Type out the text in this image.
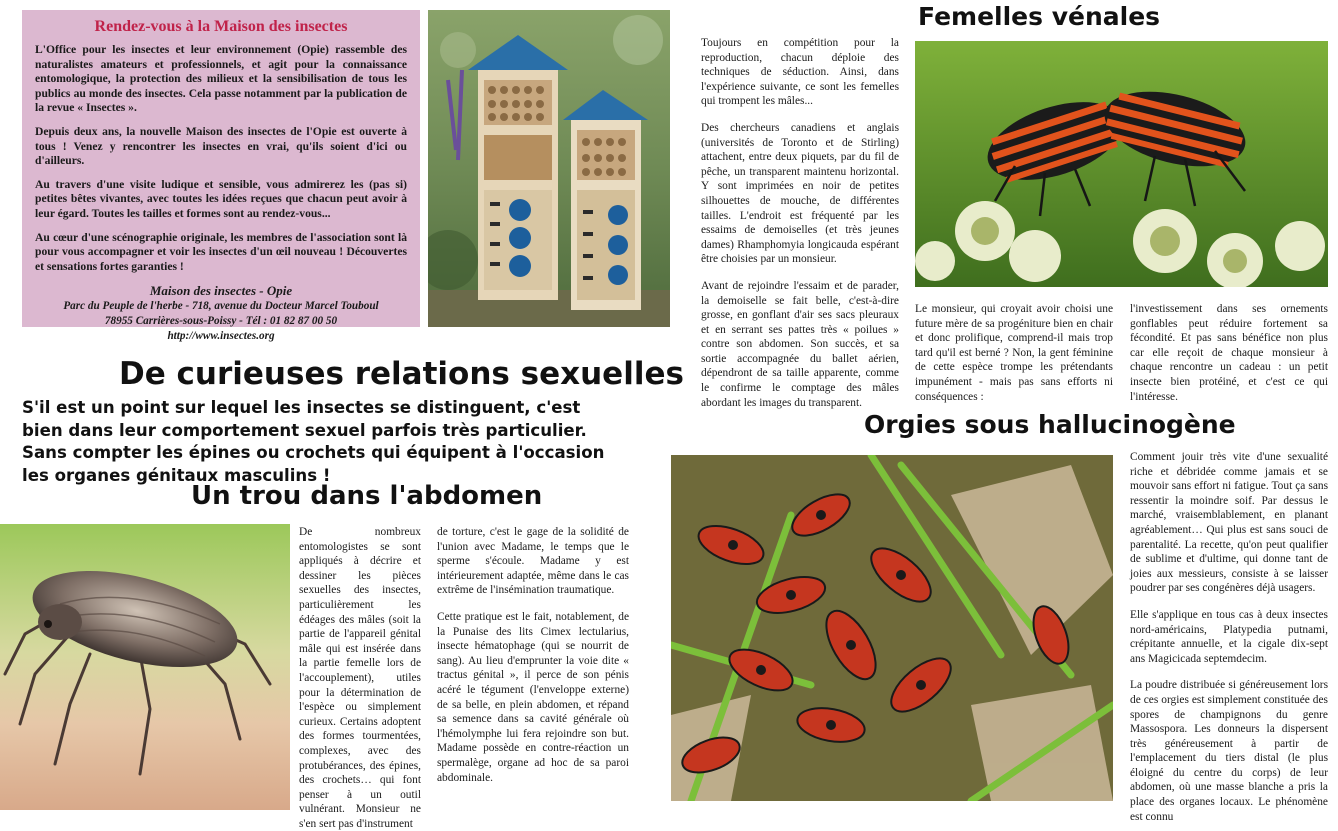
Rendez-vous à la Maison des insectes

L'Office pour les insectes et leur environnement (Opie) rassemble des naturalistes amateurs et professionnels, et agit pour la connaissance entomologique, la protection des milieux et la sensibilisation de tous les publics au monde des insectes. Cela passe notamment par la publication de la revue « Insectes ».

Depuis deux ans, la nouvelle Maison des insectes de l'Opie est ouverte à tous ! Venez y rencontrer les insectes en vrai, qu'ils soient d'ici ou d'ailleurs.

Au travers d'une visite ludique et sensible, vous admirerez les (pas si) petites bêtes vivantes, avec toutes les idées reçues que chacun peut avoir à leur égard. Toutes les tailles et formes sont au rendez-vous...

Au cœur d'une scénographie originale, les membres de l'association sont là pour vous accompagner et voir les insectes d'un œil nouveau ! Découvertes et sensations fortes garanties !

Maison des insectes - Opie

Parc du Peuple de l'herbe - 718, avenue du Docteur Marcel Touboul

78955 Carrières-sous-Poissy - Tél : 01 82 87 00 50

http://www.insectes.org

De curieuses relations sexuelles

S'il est un point sur lequel les insectes se distinguent, c'est bien dans leur comportement sexuel parfois très particulier. Sans compter les épines ou crochets qui équipent à l'occasion les organes génitaux masculins !

Un trou dans l'abdomen

De nombreux entomologistes se sont appliqués à décrire et dessiner les pièces sexuelles des insectes, particulièrement les édéages des mâles (soit la partie de l'appareil génital mâle qui est insérée dans la partie femelle lors de l'accouplement), utiles pour la détermination de l'espèce ou simplement curieux. Certains adoptent des formes tourmentées, complexes, avec des protubérances, des épines, des crochets… qui font penser à un outil vulnérant. Monsieur ne s'en sert pas d'instrument

de torture, c'est le gage de la solidité de l'union avec Madame, le temps que le sperme s'écoule. Madame y est intérieurement adaptée, même dans le cas extrême de l'insémination traumatique.

Cette pratique est le fait, notablement, de la Punaise des lits Cimex lectularius, insecte hématophage (qui se nourrit de sang). Au lieu d'emprunter la voie dite « tractus génital », il perce de son pénis acéré le tégument (l'enveloppe externe) de sa belle, en plein abdomen, et répand sa semence dans sa cavité générale où l'hémolymphe lui fera rejoindre son but. Madame possède en contre-réaction un spermalège, organe ad hoc de sa paroi abdominale.

Toujours en compétition pour la reproduction, chacun déploie des techniques de séduction. Ainsi, dans l'expérience suivante, ce sont les femelles qui trompent les mâles...

Des chercheurs canadiens et anglais (universités de Toronto et de Stirling) attachent, entre deux piquets, par du fil de pêche, un transparent maintenu horizontal. Y sont imprimées en noir de petites silhouettes de mouche, de différentes tailles. L'endroit est fréquenté par les essaims de demoiselles (et très jeunes dames) Rhamphomyia longicauda espérant être choisies par un monsieur.

Avant de rejoindre l'essaim et de parader, la demoiselle se fait belle, c'est-à-dire grosse, en gonflant d'air ses sacs pleuraux et en serrant ses pattes très « poilues » contre son abdomen. Son succès, et sa sortie accompagnée du ballet aérien, dépendront de sa taille apparente, comme le confirme le comptage des mâles abordant les images du transparent.

Femelles vénales

Le monsieur, qui croyait avoir choisi une future mère de sa progéniture bien en chair et donc prolifique, comprend-il mais trop tard qu'il est berné ? Non, la gent féminine de cette espèce trompe les prétendants impunément - mais pas sans efforts ni conséquences :

l'investissement dans ses ornements gonflables peut réduire fortement sa fécondité. Et pas sans bénéfice non plus car elle reçoit de chaque monsieur à chaque rencontre un cadeau : un petit insecte bien protéiné, et c'est ce qui l'intéresse.

Orgies sous hallucinogène

Comment jouir très vite d'une sexualité riche et débridée comme jamais et se mouvoir sans effort ni fatigue. Tout ça sans ressentir la moindre soif. Par dessus le marché, vraisemblablement, en planant agréablement… Qui plus est sans souci de parentalité. La recette, qu'on peut qualifier de sublime et d'ultime, qui donne tant de joies aux messieurs, consiste à se laisser poudrer par ses congénères déjà usagers.

Elle s'applique en tous cas à deux insectes nord-américains, Platypedia putnami, crépitante annuelle, et la cigale dix-sept ans Magicicada septemdecim.

La poudre distribuée si généreusement lors de ces orgies est simplement constituée des spores de champignons du genre Massospora. Les donneurs la dispersent très généreusement à partir de l'emplacement du tiers distal (le plus éloigné du centre du corps) de leur abdomen, où une masse blanche a pris la place des organes locaux. Le phénomène est connu
